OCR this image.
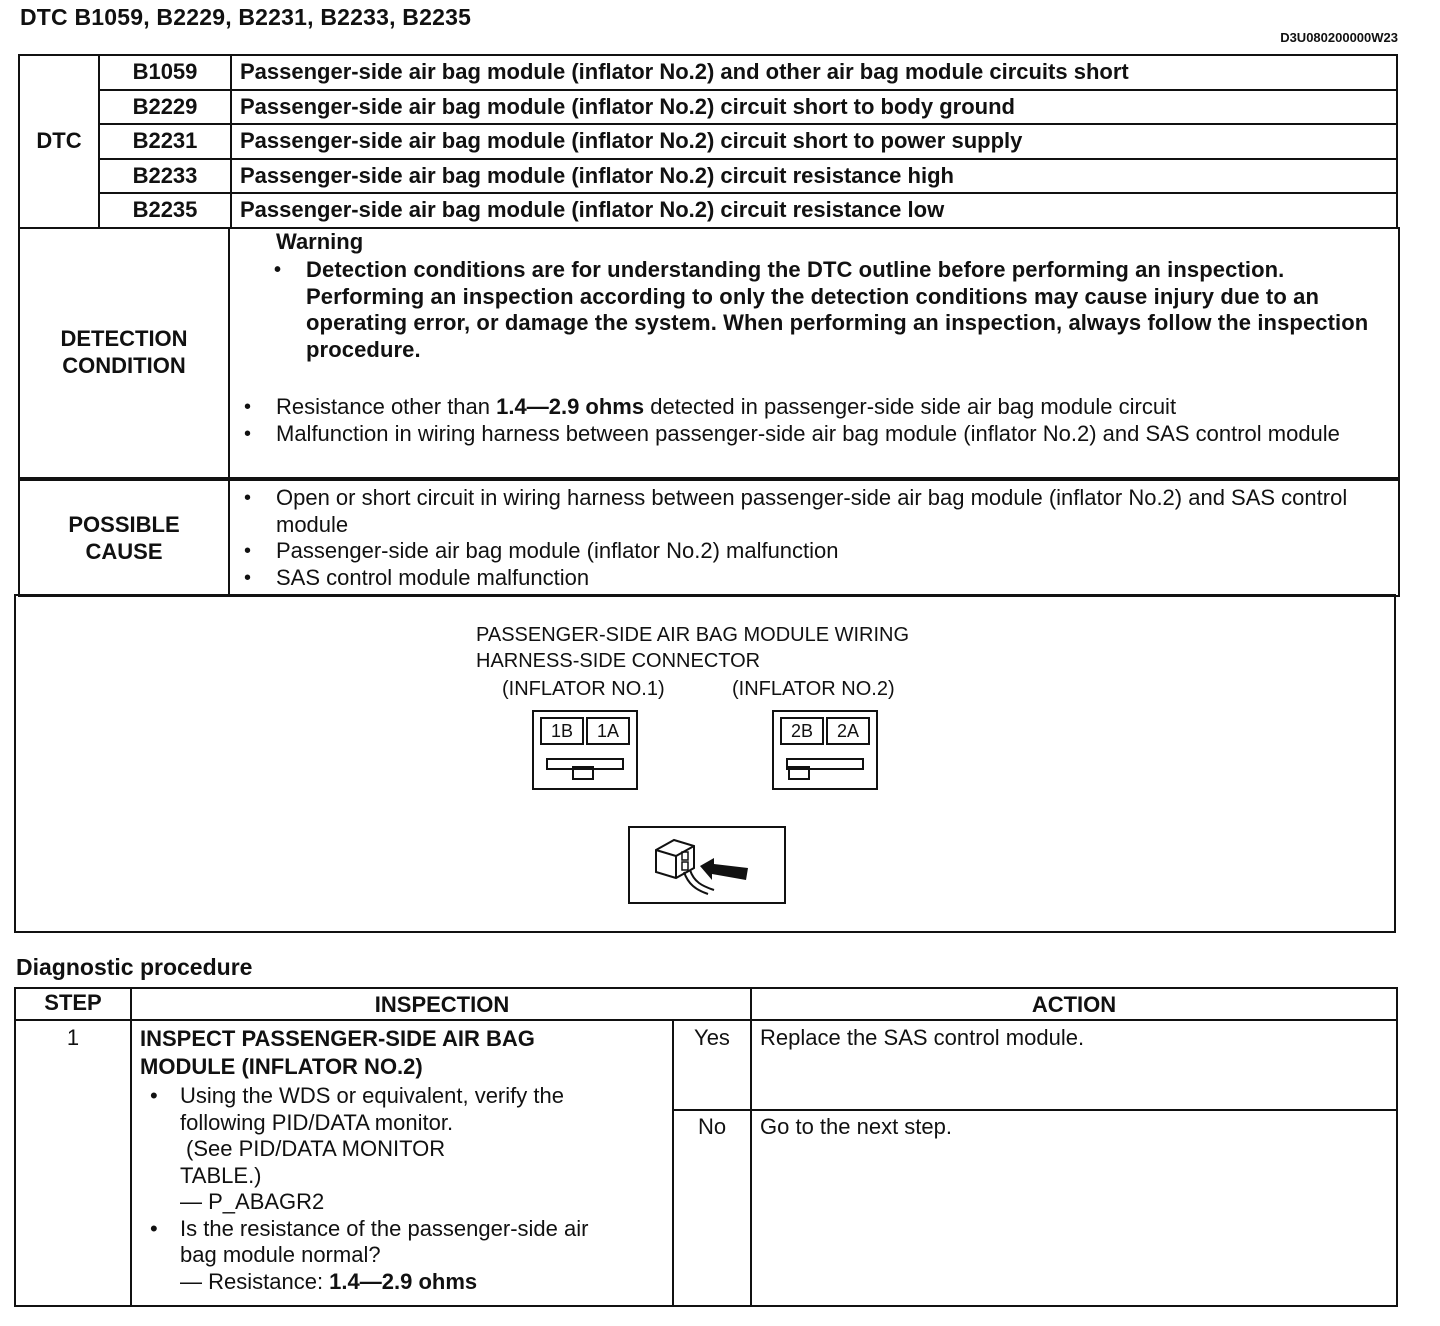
DTC B1059, B2229, B2231, B2233, B2235
D3U080200000W23
DTC	B1059	Passenger-side air bag module (inflator No.2) and other air bag module circuits short
	B2229	Passenger-side air bag module (inflator No.2) circuit short to body ground
	B2231	Passenger-side air bag module (inflator No.2) circuit short to power supply
	B2233	Passenger-side air bag module (inflator No.2) circuit resistance high
	B2235	Passenger-side air bag module (inflator No.2) circuit resistance low
DETECTION
CONDITION
Warning
• Detection conditions are for understanding the DTC outline before performing an inspection. Performing an inspection according to only the detection conditions may cause injury due to an operating error, or damage the system. When performing an inspection, always follow the inspection procedure.
• Resistance other than 1.4—2.9 ohms detected in passenger-side side air bag module circuit
• Malfunction in wiring harness between passenger-side air bag module (inflator No.2) and SAS control module
POSSIBLE
CAUSE
• Open or short circuit in wiring harness between passenger-side air bag module (inflator No.2) and SAS control module
• Passenger-side air bag module (inflator No.2) malfunction
• SAS control module malfunction
PASSENGER-SIDE AIR BAG MODULE WIRING
HARNESS-SIDE CONNECTOR
(INFLATOR NO.1)	(INFLATOR NO.2)
1B	1A	2B	2A
Diagnostic procedure
STEP	INSPECTION	ACTION
1	INSPECT PASSENGER-SIDE AIR BAG
MODULE (INFLATOR NO.2)
• Using the WDS or equivalent, verify the
following PID/DATA monitor.
(See PID/DATA MONITOR
TABLE.)
— P_ABAGR2
• Is the resistance of the passenger-side air
bag module normal?
— Resistance: 1.4—2.9 ohms
Yes	Replace the SAS control module.
No	Go to the next step.
